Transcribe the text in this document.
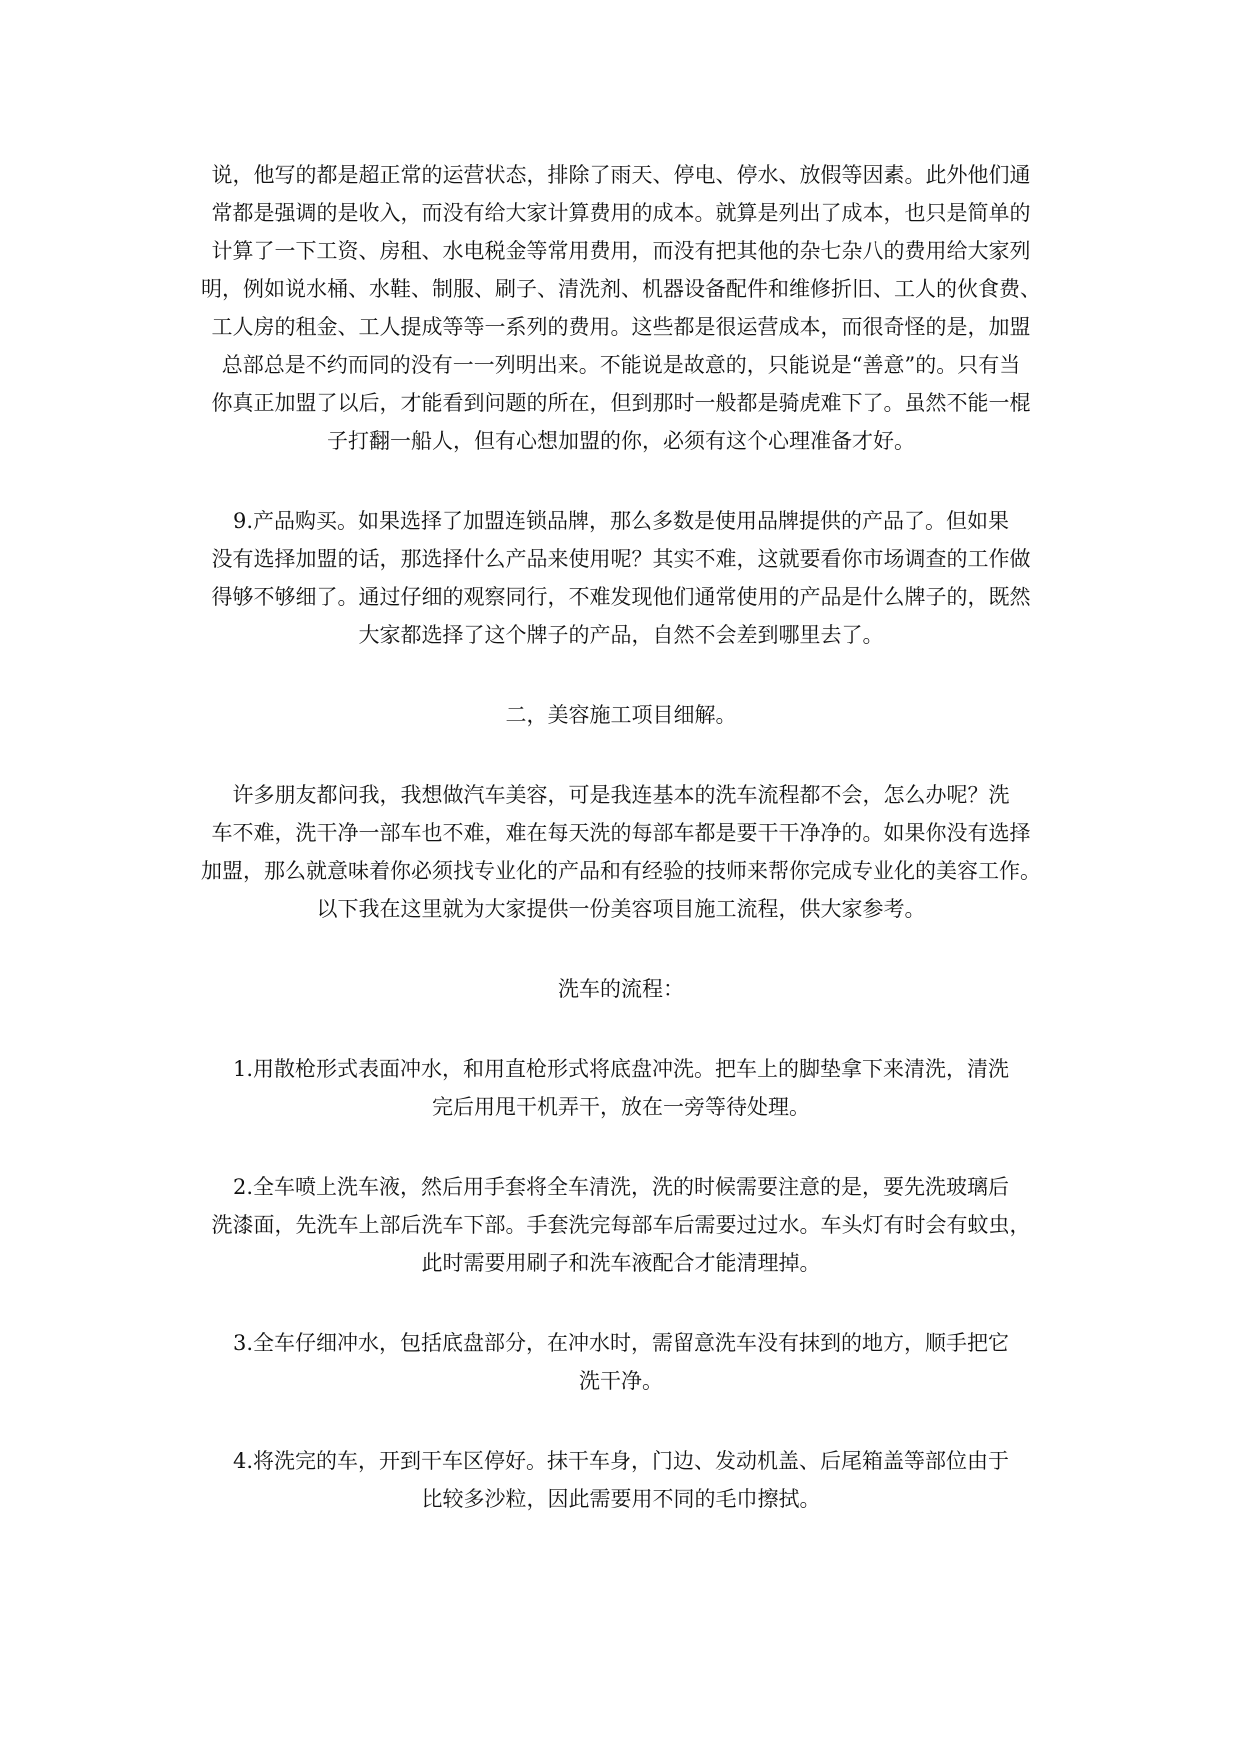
说，他写的都是超正常的运营状态，排除了雨天、停电、停水、放假等因素。此外他们通
常都是强调的是收入，而没有给大家计算费用的成本。就算是列出了成本，也只是简单的
计算了一下工资、房租、水电税金等常用费用，而没有把其他的杂七杂八的费用给大家列
明，例如说水桶、水鞋、制服、刷子、清洗剂、机器设备配件和维修折旧、工人的伙食费、
工人房的租金、工人提成等等一系列的费用。这些都是很运营成本，而很奇怪的是，加盟
总部总是不约而同的没有一一列明出来。不能说是故意的，只能说是“善意”的。只有当
你真正加盟了以后，才能看到问题的所在，但到那时一般都是骑虎难下了。虽然不能一棍
子打翻一船人，但有心想加盟的你，必须有这个心理准备才好。

9.产品购买。如果选择了加盟连锁品牌，那么多数是使用品牌提供的产品了。但如果
没有选择加盟的话，那选择什么产品来使用呢？其实不难，这就要看你市场调查的工作做
得够不够细了。通过仔细的观察同行，不难发现他们通常使用的产品是什么牌子的，既然
大家都选择了这个牌子的产品，自然不会差到哪里去了。

二，美容施工项目细解。

许多朋友都问我，我想做汽车美容，可是我连基本的洗车流程都不会，怎么办呢？洗
车不难，洗干净一部车也不难，难在每天洗的每部车都是要干干净净的。如果你没有选择
加盟，那么就意味着你必须找专业化的产品和有经验的技师来帮你完成专业化的美容工作。
以下我在这里就为大家提供一份美容项目施工流程，供大家参考。

洗车的流程：

1.用散枪形式表面冲水，和用直枪形式将底盘冲洗。把车上的脚垫拿下来清洗，清洗
完后用甩干机弄干，放在一旁等待处理。

2.全车喷上洗车液，然后用手套将全车清洗，洗的时候需要注意的是，要先洗玻璃后
洗漆面，先洗车上部后洗车下部。手套洗完每部车后需要过过水。车头灯有时会有蚊虫，
此时需要用刷子和洗车液配合才能清理掉。

3.全车仔细冲水，包括底盘部分，在冲水时，需留意洗车没有抹到的地方，顺手把它
洗干净。

4.将洗完的车，开到干车区停好。抹干车身，门边、发动机盖、后尾箱盖等部位由于
比较多沙粒，因此需要用不同的毛巾擦拭。
